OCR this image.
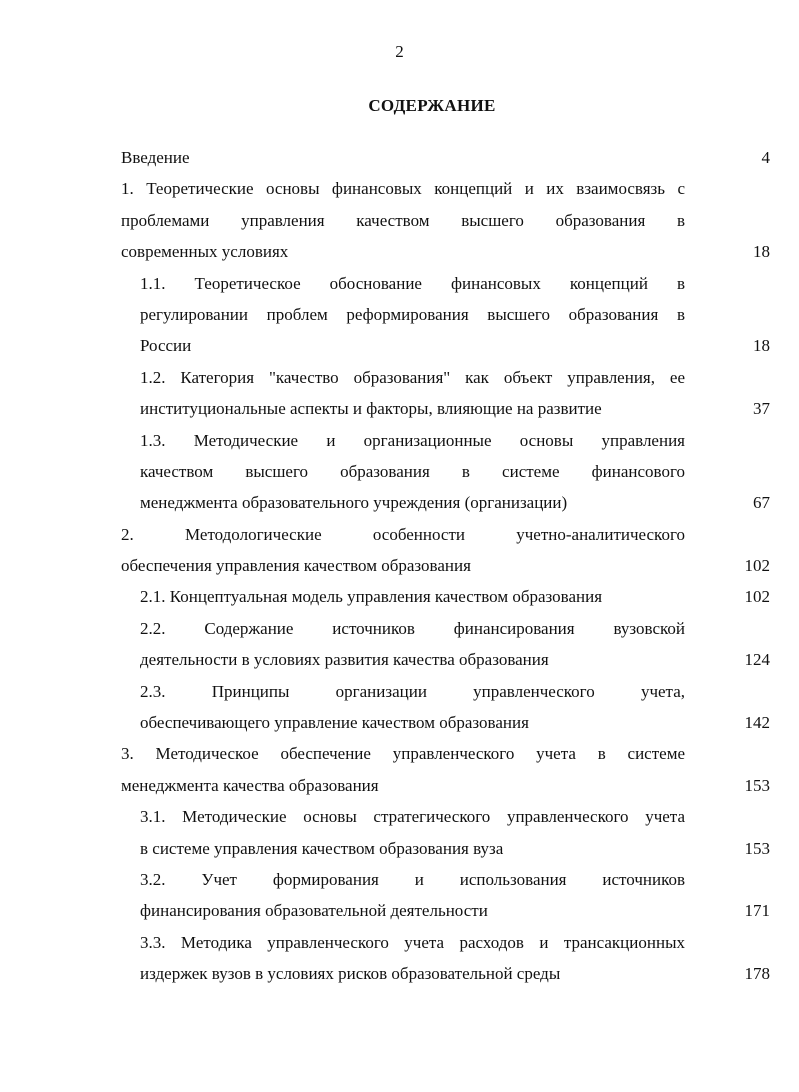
2
СОДЕРЖАНИЕ
Введение	4
1. Теоретические основы финансовых концепций и их взаимосвязь с
проблемами управления качеством высшего образования в
современных условиях	18
1.1. Теоретическое обоснование финансовых концепций в
регулировании проблем реформирования высшего образования в
России	18
1.2. Категория "качество образования" как объект управления, ее
институциональные аспекты и факторы, влияющие на развитие	37
1.3. Методические и организационные основы управления
качеством высшего образования в системе финансового
менеджмента образовательного учреждения (организации)	67
2. Методологические особенности учетно-аналитического
обеспечения управления качеством образования	102
2.1. Концептуальная модель управления качеством образования	102
2.2. Содержание источников финансирования вузовской
деятельности в условиях развития качества образования	124
2.3. Принципы организации управленческого учета,
обеспечивающего управление качеством образования	142
3. Методическое обеспечение управленческого учета в системе
менеджмента качества образования	153
3.1. Методические основы стратегического управленческого учета
в системе управления качеством образования вуза	153
3.2. Учет формирования и использования источников
финансирования образовательной деятельности	171
3.3. Методика управленческого учета расходов и трансакционных
издержек вузов в условиях рисков образовательной среды	178
